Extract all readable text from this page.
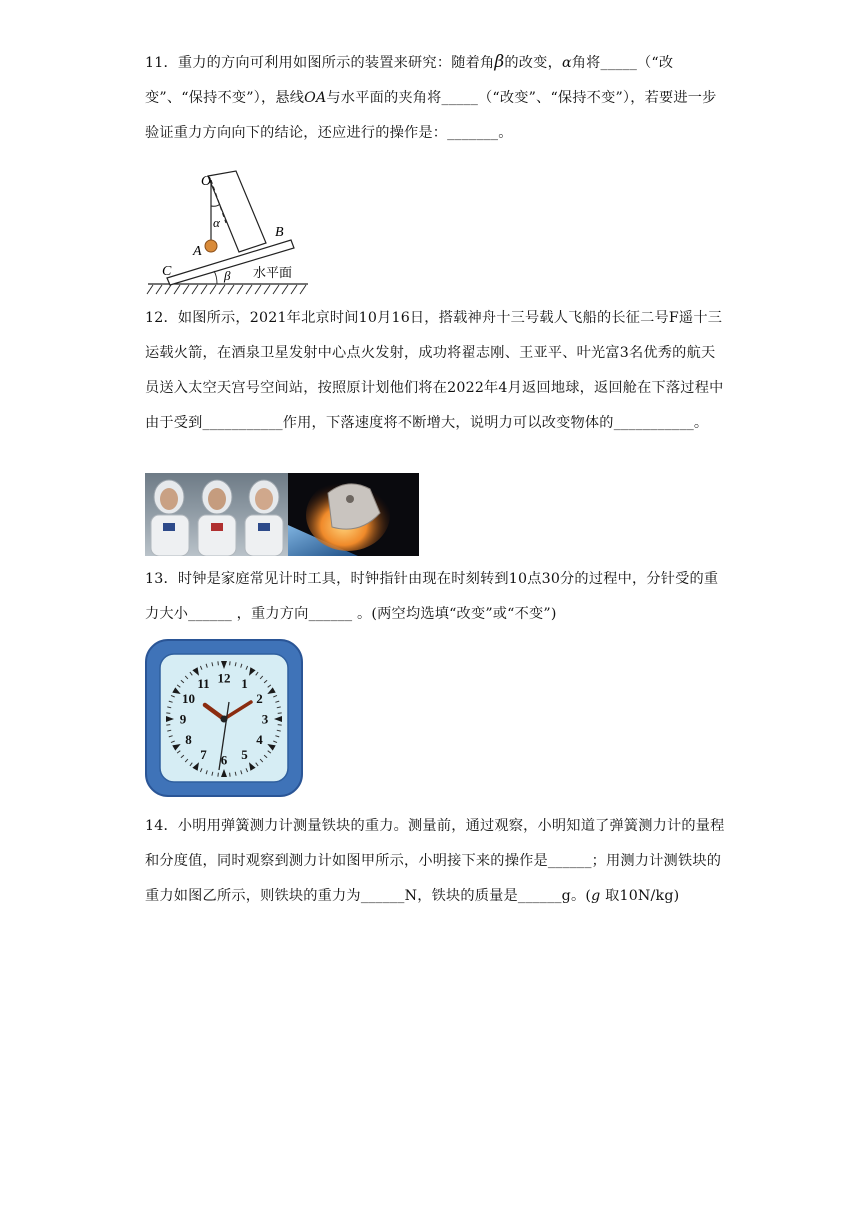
11．重力的方向可利用如图所示的装置来研究：随着角β的改变，α角将_____（“改变”、“保持不变”），悬线OA与水平面的夹角将_____（“改变”、“保持不变”），若要进一步验证重力方向向下的结论，还应进行的操作是：_______。
O
α
A
B
C	β 水平面
12．如图所示，2021年北京时间10月16日，搭载神舟十三号载人飞船的长征二号F遥十三运载火箭，在酒泉卫星发射中心点火发射，成功将翟志刚、王亚平、叶光富3名优秀的航天员送入太空天宫号空间站，按照原计划他们将在2022年4月返回地球，返回舱在下落过程中由于受到___________作用，下落速度将不断增大，说明力可以改变物体的___________。
13．时钟是家庭常见计时工具，时钟指针由现在时刻转到10点30分的过程中，分针受的重力大小______ ，重力方向______ 。(两空均选填“改变”或“不变”)
12 1
2
3
4
5
6
7
8
9
10
11
14．小明用弹簧测力计测量铁块的重力。测量前，通过观察，小明知道了弹簧测力计的量程和分度值，同时观察到测力计如图甲所示，小明接下来的操作是______；用测力计测铁块的重力如图乙所示，则铁块的重力为______N，铁块的质量是______g。(g 取10N/kg)
